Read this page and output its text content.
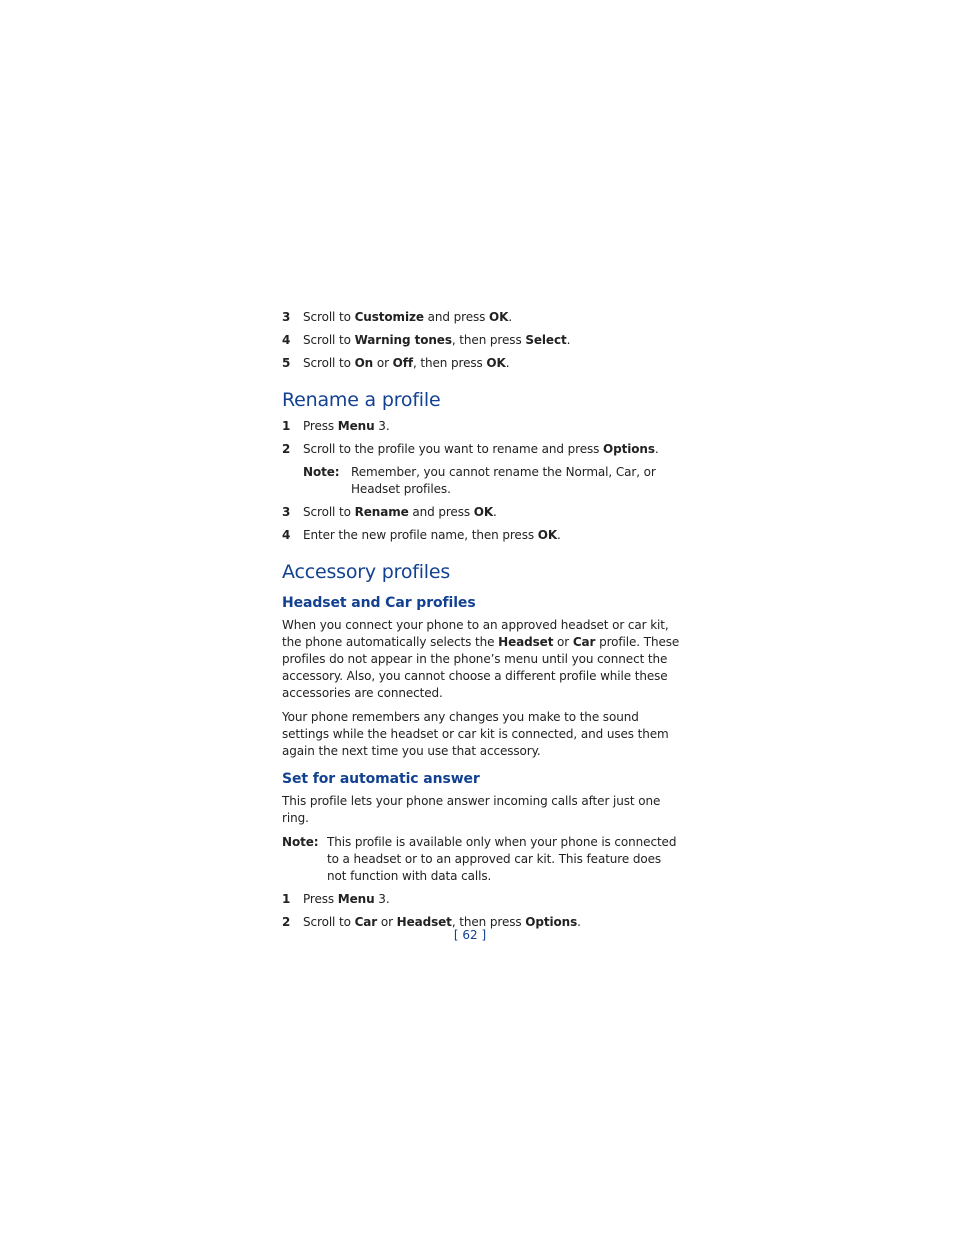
3	Scroll to Customize and press OK.
4	Scroll to Warning tones, then press Select.
5	Scroll to On or Off, then press OK.
Rename a profile
1	Press Menu 3.
2	Scroll to the profile you want to rename and press Options.
Note: Remember, you cannot rename the Normal, Car, or Headset profiles.
3	Scroll to Rename and press OK.
4	Enter the new profile name, then press OK.
Accessory profiles
Headset and Car profiles

When you connect your phone to an approved headset or car kit, the phone automatically selects the Headset or Car profile. These profiles do not appear in the phone’s menu until you connect the accessory. Also, you cannot choose a different profile while these accessories are connected.

Your phone remembers any changes you make to the sound settings while the headset or car kit is connected, and uses them again the next time you use that accessory.

Set for automatic answer

This profile lets your phone answer incoming calls after just one ring.

Note: This profile is available only when your phone is connected to a headset or to an approved car kit. This feature does not function with data calls.
1	Press Menu 3.
2	Scroll to Car or Headset, then press Options.
[ 62 ]
